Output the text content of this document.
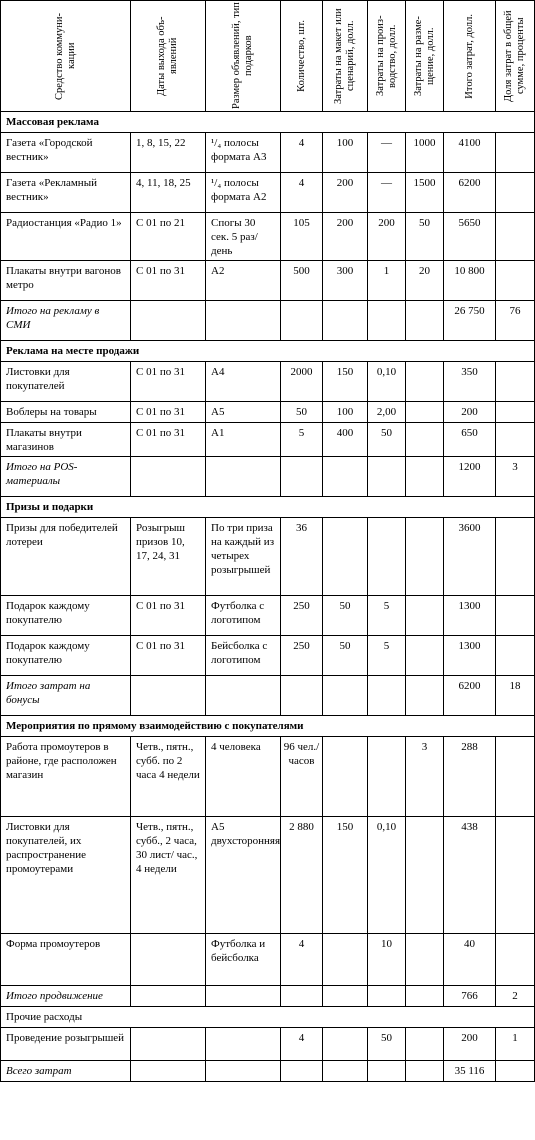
Средство коммуни-кации	Даты выхода объ-явлений	Размер объявлений, тип подарков	Количество, шт.	Затраты на макет или сценарий, долл.	Затраты на произ-водство, долл.	Затраты на разме-щение, долл.	Итого затрат, долл.	Доля затрат в общей сумме, проценты

Массовая реклама								
Газета «Городской вестник»	1, 8, 15, 22	¹/₄ полосы формата А3	4	100	—	1000	4100	
Газета «Рекламный вестник»	4, 11, 18, 25	¹/₄ полосы формата А2	4	200	—	1500	6200	
Радиостанция «Радио 1»	С 01 по 21	Спогы 30 сек. 5 раз/день	105	200	200	50	5650	
Плакаты внутри вагонов метро	С 01 по 31	А2	500	300	1	20	10 800	
Итого на рекламу в СМИ							26 750	76
Реклама на месте продажи								
Листовки для покупателей	С 01 по 31	А4	2000	150	0,10		350	
Воблеры на товары	С 01 по 31	А5	50	100	2,00		200	
Плакаты внутри магазинов	С 01 по 31	А1	5	400	50		650	
Итого на POS-материалы							1200	3
Призы и подарки								
Призы для победителей лотереи	Розыгрыш призов 10, 17, 24, 31	По три приза на каждый из четырех розыгрышей	36				3600	
Подарок каждому покупателю	С 01 по 31	Футболка с логотипом	250	50	5		1300	
Подарок каждому покупателю	С 01 по 31	Бейсболка с логотипом	250	50	5		1300	
Итого затрат на бонусы							6200	18
Мероприятия по прямому взаимодействию с покупателями								
Работа промоутеров в районе, где расположен магазин	Четв., пятн., субб. по 2 часа 4 недели	4 человека	96 чел./ часов			3	288	
Листовки для покупателей, их распространение промоутерами	Четв., пятн., субб., 2 часа, 30 лист/ час., 4 недели	А5 двухсторонняя	2 880	150	0,10		438	
Форма промоутеров		Футболка и бейсболка	4		10		40	
Итого продвижение							766	2
Прочие расходы								
Проведение розыгрышей			4		50		200	1
Всего затрат							35 116	
